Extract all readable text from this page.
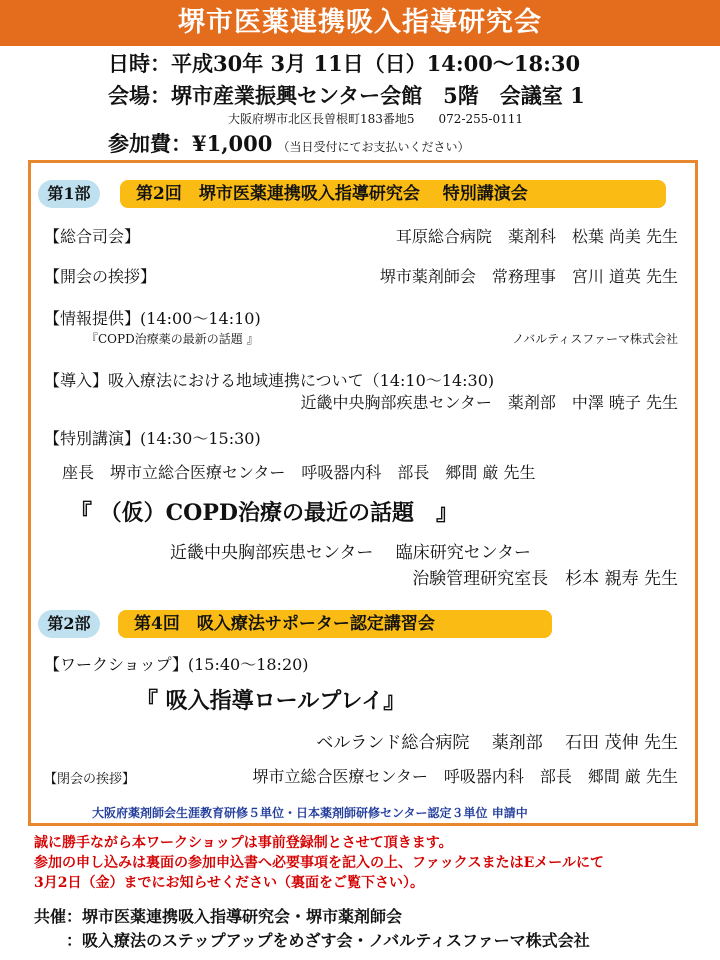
堺市医薬連携吸入指導研究会
日時：平成30年 3月 11日（日）14:00～18:30
会場：堺市産業振興センター会館　5階　会議室 1
大阪府堺市北区長曽根町183番地5　　072-255-0111
参加費：¥1,000 （当日受付にてお支払いください）
第1部	第2回　堺市医薬連携吸入指導研究会　 特別講演会
【総合司会】	耳原総合病院　薬剤科　松葉 尚美 先生
【開会の挨拶】	堺市薬剤師会　常務理事　宮川 道英 先生
【情報提供】(14:00～14:10)
『COPD治療薬の最新の話題 』	ノバルティスファーマ株式会社
【導入】吸入療法における地域連携について（14:10～14:30)
近畿中央胸部疾患センター　薬剤部　中澤 暁子 先生
【特別講演】(14:30～15:30)
座長　堺市立総合医療センター　呼吸器内科　部長　郷間 厳 先生
『 （仮）COPD治療の最近の話題　』
近畿中央胸部疾患センター　 臨床研究センター
治験管理研究室長　杉本 親寿 先生
第2部	第4回　吸入療法サポーター認定講習会
【ワークショップ】(15:40～18:20)
『 吸入指導ロールプレイ』
ベルランド総合病院　 薬剤部　 石田 茂伸 先生
【閉会の挨拶】	堺市立総合医療センター　呼吸器内科　部長　郷間 厳 先生
大阪府薬剤師会生涯教育研修５単位・日本薬剤師研修センター認定３単位 申請中
誠に勝手ながら本ワークショップは事前登録制とさせて頂きます。
参加の申し込みは裏面の参加申込書へ必要事項を記入の上、ファックスまたはEメールにて
3月2日（金）までにお知らせください（裏面をご覧下さい）。
共催：堺市医薬連携吸入指導研究会・堺市薬剤師会
　　：吸入療法のステップアップをめざす会・ノバルティスファーマ株式会社
